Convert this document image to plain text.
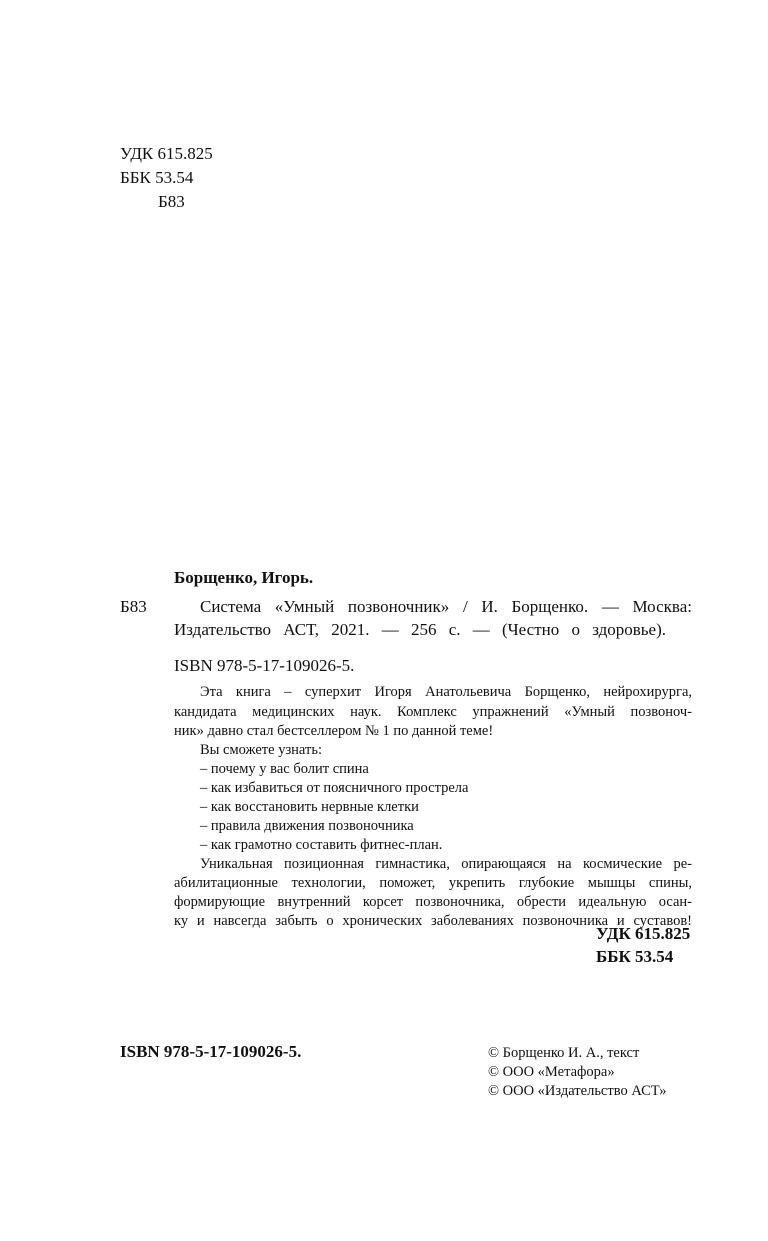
УДК 615.825
ББК 53.54
Б83
Борщенко, Игорь.
Б83	Система «Умный позвоночник» / И. Борщенко. — Москва:
Издательство АСТ, 2021. — 256 с. — (Честно о здоровье).
ISBN 978-5-17-109026-5.
Эта книга – суперхит Игоря Анатольевича Борщенко, нейрохирурга,
кандидата медицинских наук. Комплекс упражнений «Умный позвоноч-
ник» давно стал бестселлером № 1 по данной теме!
Вы сможете узнать:
– почему у вас болит спина
– как избавиться от поясничного прострела
– как восстановить нервные клетки
– правила движения позвоночника
– как грамотно составить фитнес-план.
Уникальная позиционная гимнастика, опирающаяся на космические ре-
абилитационные технологии, поможет, укрепить глубокие мышцы спины,
формирующие внутренний корсет позвоночника, обрести идеальную осан-
ку и навсегда забыть о хронических заболеваниях позвоночника и суставов!
УДК 615.825
ББК 53.54
ISBN 978-5-17-109026-5.	© Борщенко И. А., текст
© ООО «Метафора»
© ООО «Издательство АСТ»
